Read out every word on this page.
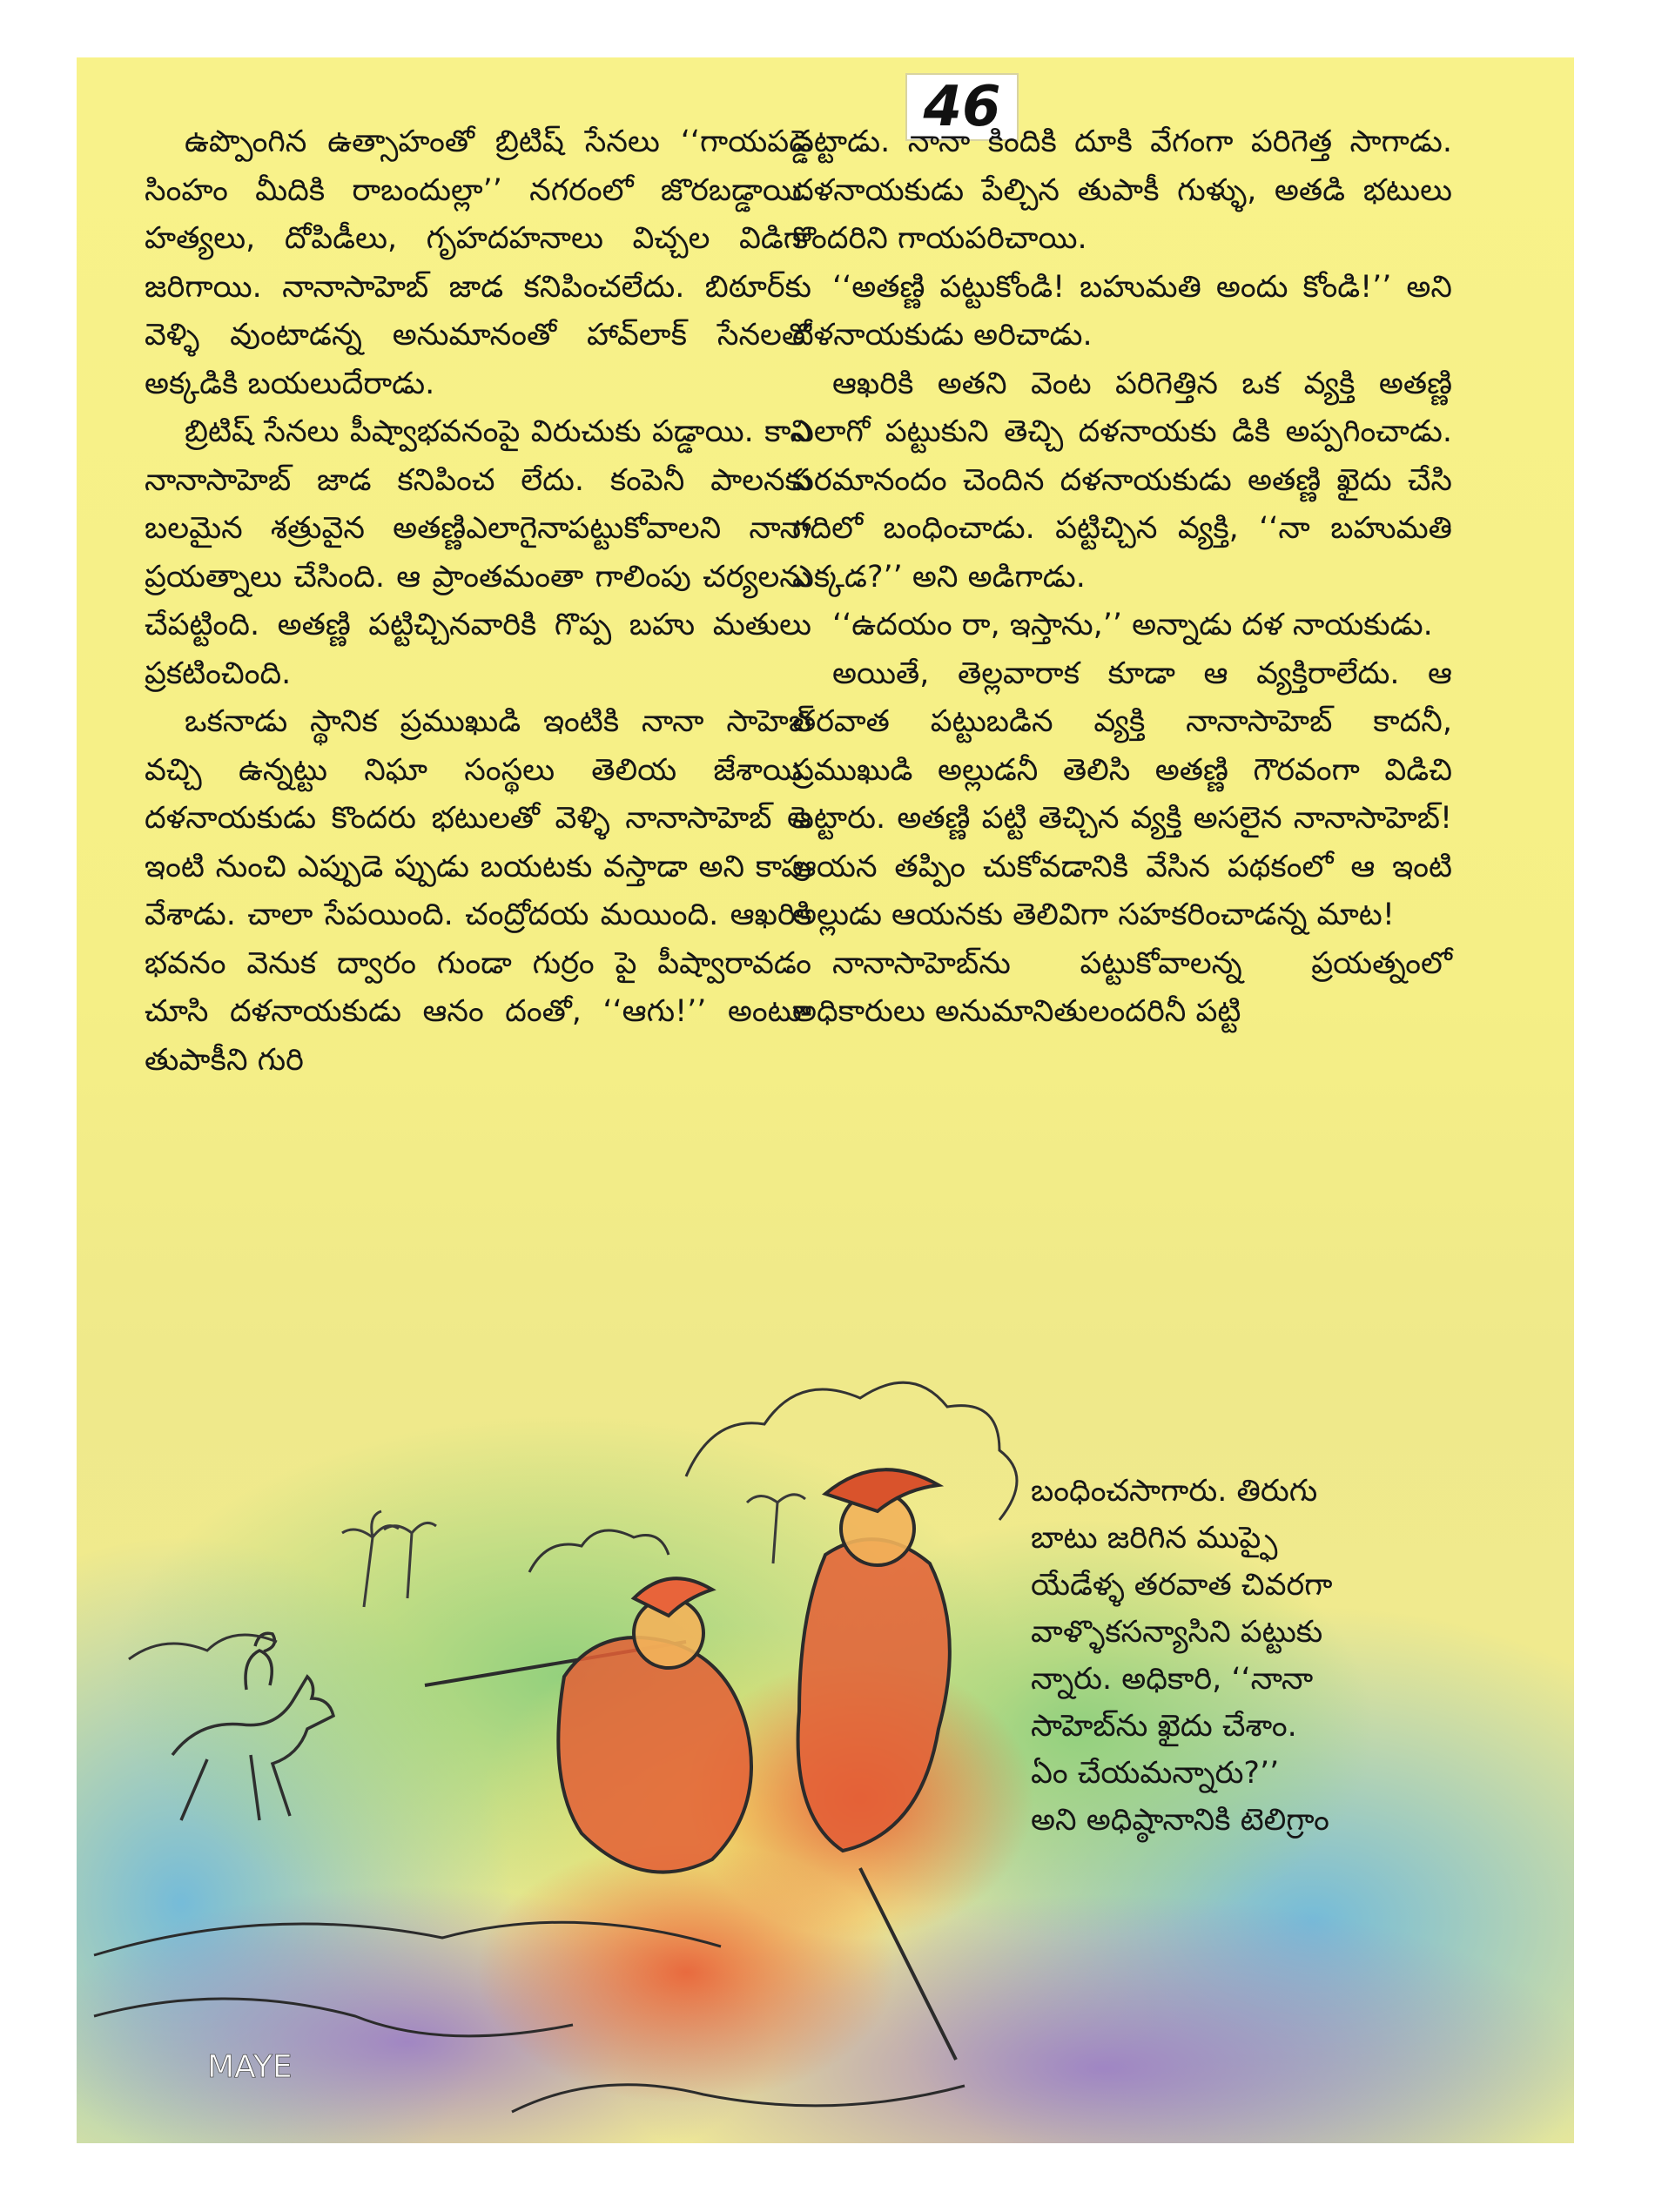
46
MAYE

ఉప్పొంగిన ఉత్సాహంతో బ్రిటిష్ సేనలు ‘‘గాయపడ్డ సింహం మీదికి రాబందుల్లా’’ నగరంలో జొరబడ్డాయి. హత్యలు, దోపిడీలు, గృహదహనాలు విచ్చల విడిగా జరిగాయి. నానాసాహెబ్ జాడ కనిపించలేదు. బిఠూర్‌కు వెళ్ళి వుంటాడన్న అనుమానంతో హావ్‌లాక్ సేనలతో అక్కడికి బయలుదేరాడు.

బ్రిటిష్ సేనలు పీష్వాభవనంపై విరుచుకు పడ్డాయి. కాని నానాసాహెబ్ జాడ కనిపించ లేదు. కంపెనీ పాలనకు బలమైన శత్రువైన అతణ్ణిఎలాగైనాపట్టుకోవాలని నానా ప్రయత్నాలు చేసింది. ఆ ప్రాంతమంతా గాలింపు చర్యలను చేపట్టింది. అతణ్ణి పట్టిచ్చినవారికి గొప్ప బహు మతులు ప్రకటించింది.

ఒకనాడు స్థానిక ప్రముఖుడి ఇంటికి నానా సాహెబ్ వచ్చి ఉన్నట్టు నిఘా సంస్థలు తెలియ జేశాయి. దళనాయకుడు కొందరు భటులతో వెళ్ళి నానాసాహెబ్ ఆ ఇంటి నుంచి ఎప్పుడె ప్పుడు బయటకు వస్తాడా అని కాపు వేశాడు. చాలా సేపయింది. చంద్రోదయ మయింది. ఆఖరికి భవనం వెనుక ద్వారం గుండా గుర్రం పై పీష్వారావడం చూసి దళనాయకుడు ఆనం దంతో, ‘‘ఆగు!’’ అంటూ తుపాకీని గురి

పెట్టాడు. నానా కిందికి దూకి వేగంగా పరిగెత్త సాగాడు. దళనాయకుడు పేల్చిన తుపాకీ గుళ్ళు, అతడి భటులు కొందరిని గాయపరిచాయి.

‘‘అతణ్ణి పట్టుకోండి! బహుమతి అందు కోండి!’’ అని దళనాయకుడు అరిచాడు.

ఆఖరికి అతని వెంట పరిగెత్తిన ఒక వ్యక్తి అతణ్ణి ఎలాగో పట్టుకుని తెచ్చి దళనాయకు డికి అప్పగించాడు. పరమానందం చెందిన దళనాయకుడు అతణ్ణి ఖైదు చేసి గదిలో బంధించాడు. పట్టిచ్చిన వ్యక్తి, ‘‘నా బహుమతి ఎక్కడ?’’ అని అడిగాడు.

‘‘ఉదయం రా, ఇస్తాను,’’ అన్నాడు దళ నాయకుడు.

అయితే, తెల్లవారాక కూడా ఆ వ్యక్తిరాలేదు. ఆ తరవాత పట్టుబడిన వ్యక్తి నానాసాహెబ్ కాదనీ, ప్రముఖుడి అల్లుడనీ తెలిసి అతణ్ణి గౌరవంగా విడిచి పెట్టారు. అతణ్ణి పట్టి తెచ్చిన వ్యక్తి అసలైన నానాసాహెబ్! ఆయన తప్పిం చుకోవడానికి వేసిన పథకంలో ఆ ఇంటి అల్లుడు ఆయనకు తెలివిగా సహకరించాడన్న మాట!

నానాసాహెబ్‌ను పట్టుకోవాలన్న ప్రయత్నంలో అధికారులు అనుమానితులందరినీ పట్టి

బంధించసాగారు. తిరుగు
బాటు జరిగిన ముప్ఫై
యేడేళ్ళ తరవాత చివరగా
వాళ్ళొకసన్యాసిని పట్టుకు
న్నారు. అధికారి, ‘‘నానా
సాహెబ్‌ను ఖైదు చేశాం.
ఏం చేయమన్నారు?’’
అని అధిష్ఠానానికి టెలిగ్రాం
